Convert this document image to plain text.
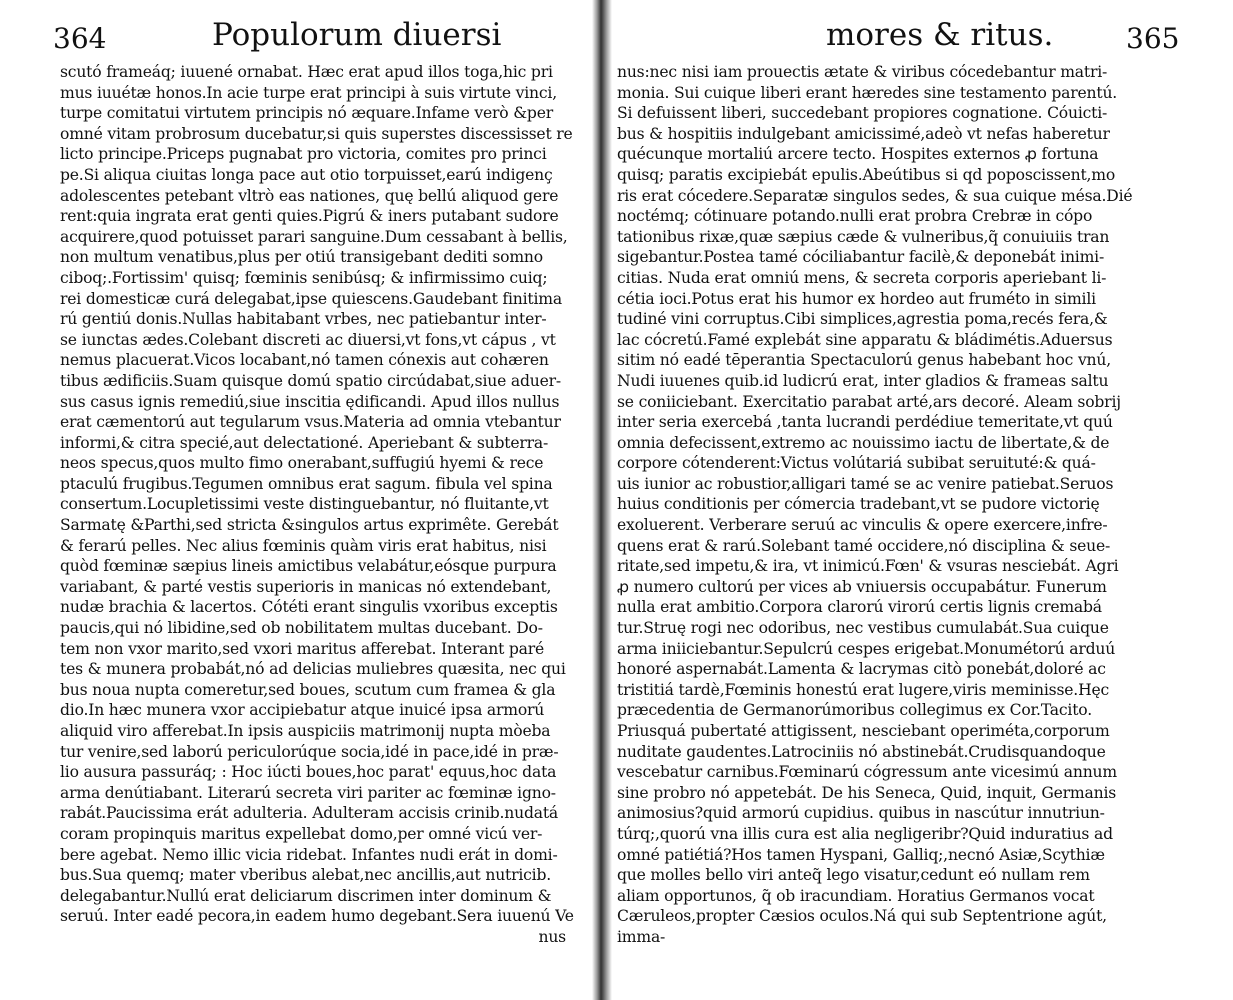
364	Populorum diuersi
scutó frameáq; iuuené ornabat. Hæc erat apud illos toga,hic pri
mus iuuétæ honos.In acie turpe erat principi à suis virtute vinci,
turpe comitatui virtutem principis nó æquare.Infame verò &per
omné vitam probrosum ducebatur,si quis superstes discessisset re
licto principe.Priceps pugnabat pro victoria, comites pro princi
pe.Si aliqua ciuitas longa pace aut otio torpuisset,earú indigenç
adolescentes petebant vltrò eas nationes, quę bellú aliquod gere
rent:quia ingrata erat genti quies.Pigrú & iners putabant sudore
acquirere,quod potuisset parari sanguine.Dum cessabant à bellis,
non multum venatibus,plus per otiú transigebant dediti somno
ciboq;.Fortissim' quisq; fœminis senibúsq; & infirmissimo cuiq;
rei domesticæ curá delegabat,ipse quiescens.Gaudebant finitima
rú gentiú donis.Nullas habitabant vrbes, nec patiebantur inter-
se iunctas ædes.Colebant discreti ac diuersi,vt fons,vt cápus , vt
nemus placuerat.Vicos locabant,nó tamen cónexis aut cohæren
tibus ædificiis.Suam quisque domú spatio circúdabat,siue aduer-
sus casus ignis remediú,siue inscitia ędificandi. Apud illos nullus
erat cæmentorú aut tegularum vsus.Materia ad omnia vtebantur
informi,& citra specié,aut delectationé. Aperiebant & subterra-
neos specus,quos multo fimo onerabant,suffugiú hyemi & rece
ptaculú frugibus.Tegumen omnibus erat sagum. fibula vel spina
consertum.Locupletissimi veste distinguebantur, nó fluitante,vt
Sarmatę &Parthi,sed stricta &singulos artus exprimête. Gerebát
& ferarú pelles. Nec alius fœminis quàm viris erat habitus, nisi
quòd fœminæ sæpius lineis amictibus velabátur,eósque purpura
variabant, & parté vestis superioris in manicas nó extendebant,
nudæ brachia & lacertos. Cótéti erant singulis vxoribus exceptis
paucis,qui nó libidine,sed ob nobilitatem multas ducebant. Do-
tem non vxor marito,sed vxori maritus afferebat. Interant paré
tes & munera probabát,nó ad delicias muliebres quæsita, nec qui
bus noua nupta comeretur,sed boues, scutum cum framea & gla
dio.In hæc munera vxor accipiebatur atque inuicé ipsa armorú
aliquid viro afferebat.In ipsis auspiciis matrimonij nupta mòeba
tur venire,sed laború periculorúque socia,idé in pace,idé in præ-
lio ausura passuráq; : Hoc iúcti boues,hoc parat' equus,hoc data
arma denútiabant. Literarú secreta viri pariter ac fœminæ igno-
rabát.Paucissima erát adulteria. Adulteram accisis crinib.nudatá
coram propinquis maritus expellebat domo,per omné vicú ver-
bere agebat. Nemo illic vicia ridebat. Infantes nudi erát in domi-
bus.Sua quemq; mater vberibus alebat,nec ancillis,aut nutricib.
delegabantur.Nullú erat deliciarum discrimen inter dominum &
seruú. Inter eadé pecora,in eadem humo degebant.Sera iuuenú Ve
nus
mores & ritus.	365
nus:nec nisi iam prouectis ætate & viribus cócedebantur matri-
monia. Sui cuique liberi erant hæredes sine testamento parentú.
Si defuissent liberi, succedebant propiores cognatione. Cóuicti-
bus & hospitiis indulgebant amicissimé,adeò vt nefas haberetur
quécunque mortaliú arcere tecto. Hospites externos ꝓ fortuna
quisq; paratis excipiebát epulis.Abeútibus si qd poposcissent,mo
ris erat cócedere.Separatæ singulos sedes, & sua cuique mésa.Dié
noctémq; cótinuare potando.nulli erat probra Crebræ in cópo
tationibus rixæ,quæ sæpius cæde & vulneribus,q̃ conuiuiis tran
sigebantur.Postea tamé cóciliabantur facilè,& deponebát inimi-
citias. Nuda erat omniú mens, & secreta corporis aperiebant li-
cétia ioci.Potus erat his humor ex hordeo aut fruméto in simili
tudiné vini corruptus.Cibi simplices,agrestia poma,recés fera,&
lac cócretú.Famé explebát sine apparatu & bládimétis.Aduersus
sitim nó eadé tēperantia Spectaculorú genus habebant hoc vnú,
Nudi iuuenes quib.id ludicrú erat, inter gladios & frameas saltu
se coniiciebant. Exercitatio parabat arté,ars decoré. Aleam sobrij
inter seria exercebá ,tanta lucrandi perdédiue temeritate,vt quú
omnia defecissent,extremo ac nouissimo iactu de libertate,& de
corpore cótenderent:Victus volútariá subibat seruituté:& quá-
uis iunior ac robustior,alligari tamé se ac venire patiebat.Seruos
huius conditionis per cómercia tradebant,vt se pudore victorię
exoluerent. Verberare seruú ac vinculis & opere exercere,infre-
quens erat & rarú.Solebant tamé occidere,nó disciplina & seue-
ritate,sed impetu,& ira, vt inimicú.Fœn' & vsuras nesciebát. Agri
ꝓ numero cultorú per vices ab vniuersis occupabátur. Funerum
nulla erat ambitio.Corpora clarorú virorú certis lignis cremabá
tur.Struę rogi nec odoribus, nec vestibus cumulabát.Sua cuique
arma iniiciebantur.Sepulcrú cespes erigebat.Monumétorú arduú
honoré aspernabát.Lamenta & lacrymas citò ponebát,doloré ac
tristitiá tardè,Fœminis honestú erat lugere,viris meminisse.Hęc
præcedentia de Germanorúmoribus collegimus ex Cor.Tacito.
Priusquá pubertaté attigissent, nesciebant operiméta,corporum
nuditate gaudentes.Latrociniis nó abstinebát.Crudisquandoque
vescebatur carnibus.Fœminarú cógressum ante vicesimú annum
sine probro nó appetebát. De his Seneca, Quid, inquit, Germanis
animosius?quid armorú cupidius. quibus in nascútur innutriun-
túrq;,quorú vna illis cura est alia negligeribr?Quid induratius ad
omné patiétiá?Hos tamen Hyspani, Galliq;,necnó Asiæ,Scythiæ
que molles bello viri anteq̃ lego visatur,cedunt eó nullam rem
aliam opportunos, q̃ ob iracundiam. Horatius Germanos vocat
Cæruleos,propter Cæsios oculos.Ná qui sub Septentrione agút,
imma-
